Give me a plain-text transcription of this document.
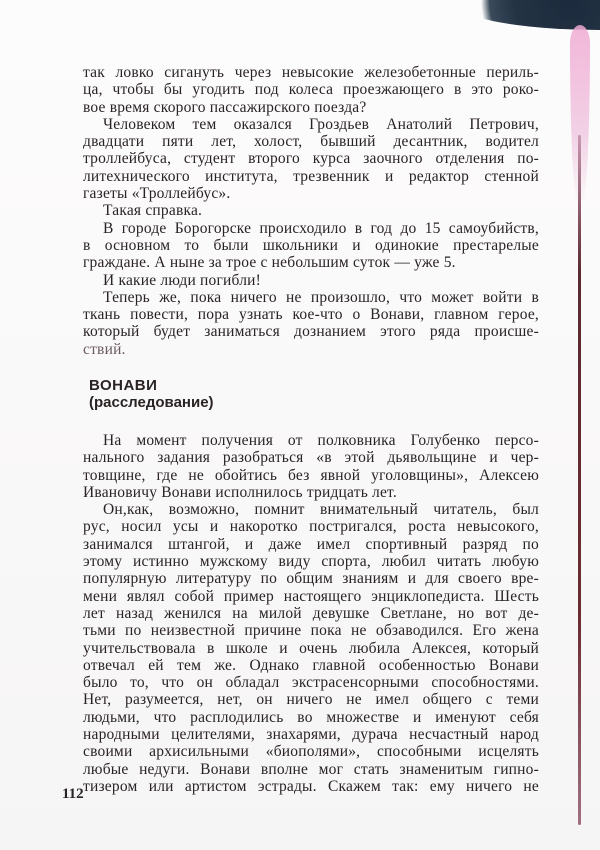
так ловко сигануть через невысокие железобетонные периль-
ца, чтобы бы угодить под колеса проезжающего в это роко-
вое время скорого пассажирского поезда?
Человеком тем оказался Гроздьев Анатолий Петрович,
двадцати пяти лет, холост, бывший десантник, водител
троллейбуса, студент второго курса заочного отделения по-
литехнического института, трезвенник и редактор стенной
газеты «Троллейбус».
Такая справка.
В городе Борогорске происходило в год до 15 самоубийств,
в основном то были школьники и одинокие престарелые
граждане. А ныне за трое с небольшим суток — уже 5.
И какие люди погибли!
Теперь же, пока ничего не произошло, что может войти в
ткань повести, пора узнать кое-что о Вонави, главном герое,
который будет заниматься дознанием этого ряда происше-
ствий.
ВОНАВИ
(расследование)
На момент получения от полковника Голубенко персо-
нального задания разобраться «в этой дьявольщине и чер-
товщине, где не обойтись без явной уголовщины», Алексею
Ивановичу Вонави исполнилось тридцать лет.
Он,как, возможно, помнит внимательный читатель, был
рус, носил усы и накоротко постригался, роста невысокого,
занимался штангой, и даже имел спортивный разряд по
этому истинно мужскому виду спорта, любил читать любую
популярную литературу по общим знаниям и для своего вре-
мени являл собой пример настоящего энциклопедиста. Шесть
лет назад женился на милой девушке Светлане, но вот де-
тьми по неизвестной причине пока не обзаводился. Его жена
учительствовала в школе и очень любила Алексея, который
отвечал ей тем же. Однако главной особенностью Вонави
было то, что он обладал экстрасенсорными способностями.
Нет, разумеется, нет, он ничего не имел общего с теми
людьми, что расплодились во множестве и именуют себя
народными целителями, знахарями, дурача несчастный народ
своими архисильными «биополями», способными исцелять
любые недуги. Вонави вполне мог стать знаменитым гипно-
тизером или артистом эстрады. Скажем так: ему ничего не
112
